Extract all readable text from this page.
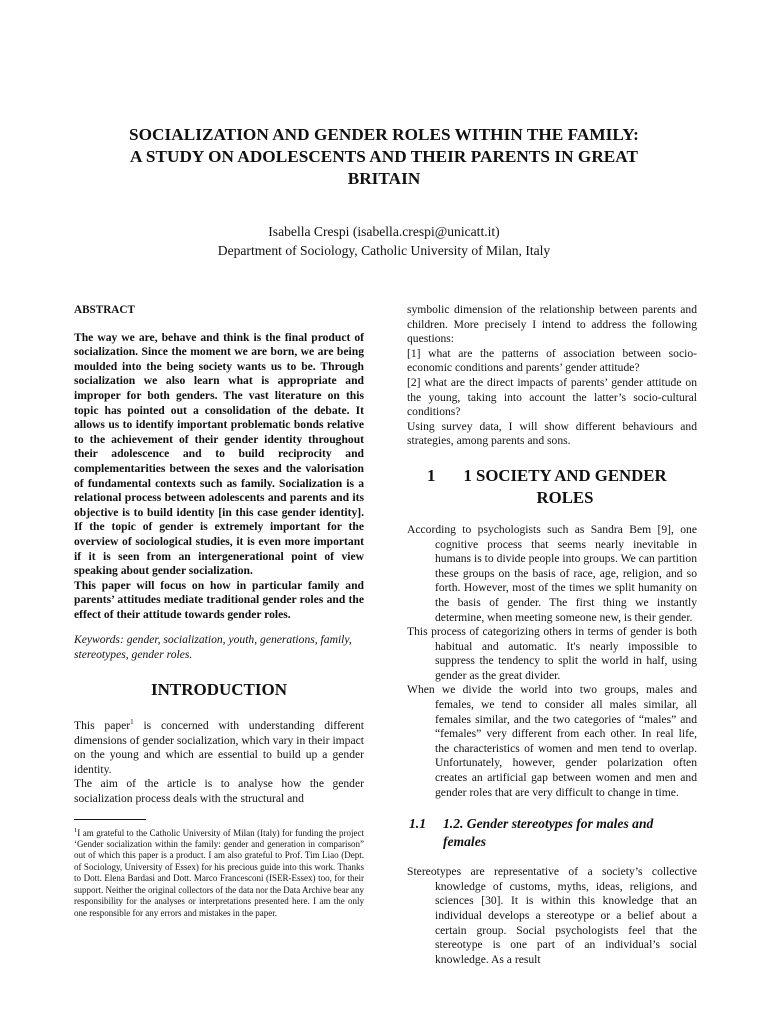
SOCIALIZATION AND GENDER ROLES WITHIN THE FAMILY:
A STUDY ON ADOLESCENTS AND THEIR PARENTS IN GREAT
BRITAIN
Isabella Crespi (isabella.crespi@unicatt.it)
Department of Sociology, Catholic University of Milan, Italy

ABSTRACT

The way we are, behave and think is the final product of socialization. Since the moment we are born, we are being moulded into the being society wants us to be. Through socialization we also learn what is appropriate and improper for both genders. The vast literature on this topic has pointed out a consolidation of the debate. It allows us to identify important problematic bonds relative to the achievement of their gender identity throughout their adolescence and to build reciprocity and complementarities between the sexes and the valorisation of fundamental contexts such as family. Socialization is a relational process between adolescents and parents and its objective is to build identity [in this case gender identity]. If the topic of gender is extremely important for the overview of sociological studies, it is even more important if it is seen from an intergenerational point of view speaking about gender socialization.

This paper will focus on how in particular family and parents’ attitudes mediate traditional gender roles and the effect of their attitude towards gender roles.

Keywords: gender, socialization, youth, generations, family, stereotypes, gender roles.

INTRODUCTION

This paper$^1$ is concerned with understanding different dimensions of gender socialization, which vary in their impact on the young and which are essential to build up a gender identity.

The aim of the article is to analyse how the gender socialization process deals with the structural and

$^1$I am grateful to the Catholic University of Milan (Italy) for funding the project ‘Gender socialization within the family: gender and generation in comparison” out of which this paper is a product. I am also grateful to Prof. Tim Liao (Dept. of Sociology, University of Essex) for his precious guide into this work. Thanks to Dott. Elena Bardasi and Dott. Marco Francesconi (ISER-Essex) too, for their support. Neither the original collectors of the data nor the Data Archive bear any responsibility for the analyses or interpretations presented here. I am the only one responsible for any errors and mistakes in the paper.

symbolic dimension of the relationship between parents and children. More precisely I intend to address the following questions:

[1] what are the patterns of association between socio-economic conditions and parents’ gender attitude?

[2] what are the direct impacts of parents’ gender attitude on the young, taking into account the latter’s socio-cultural conditions?

Using survey data, I will show different behaviours and strategies, among parents and sons.

1 1 SOCIETY AND GENDER ROLES

According to psychologists such as Sandra Bem [9], one cognitive process that seems nearly inevitable in humans is to divide people into groups. We can partition these groups on the basis of race, age, religion, and so forth. However, most of the times we split humanity on the basis of gender. The first thing we instantly determine, when meeting someone new, is their gender.

This process of categorizing others in terms of gender is both habitual and automatic. It's nearly impossible to suppress the tendency to split the world in half, using gender as the great divider.

When we divide the world into two groups, males and females, we tend to consider all males similar, all females similar, and the two categories of “males” and “females” very different from each other. In real life, the characteristics of women and men tend to overlap. Unfortunately, however, gender polarization often creates an artificial gap between women and men and gender roles that are very difficult to change in time.

1.1 1.2. Gender stereotypes for males and females

Stereotypes are representative of a society’s collective knowledge of customs, myths, ideas, religions, and sciences [30]. It is within this knowledge that an individual develops a stereotype or a belief about a certain group. Social psychologists feel that the stereotype is one part of an individual’s social knowledge. As a result
